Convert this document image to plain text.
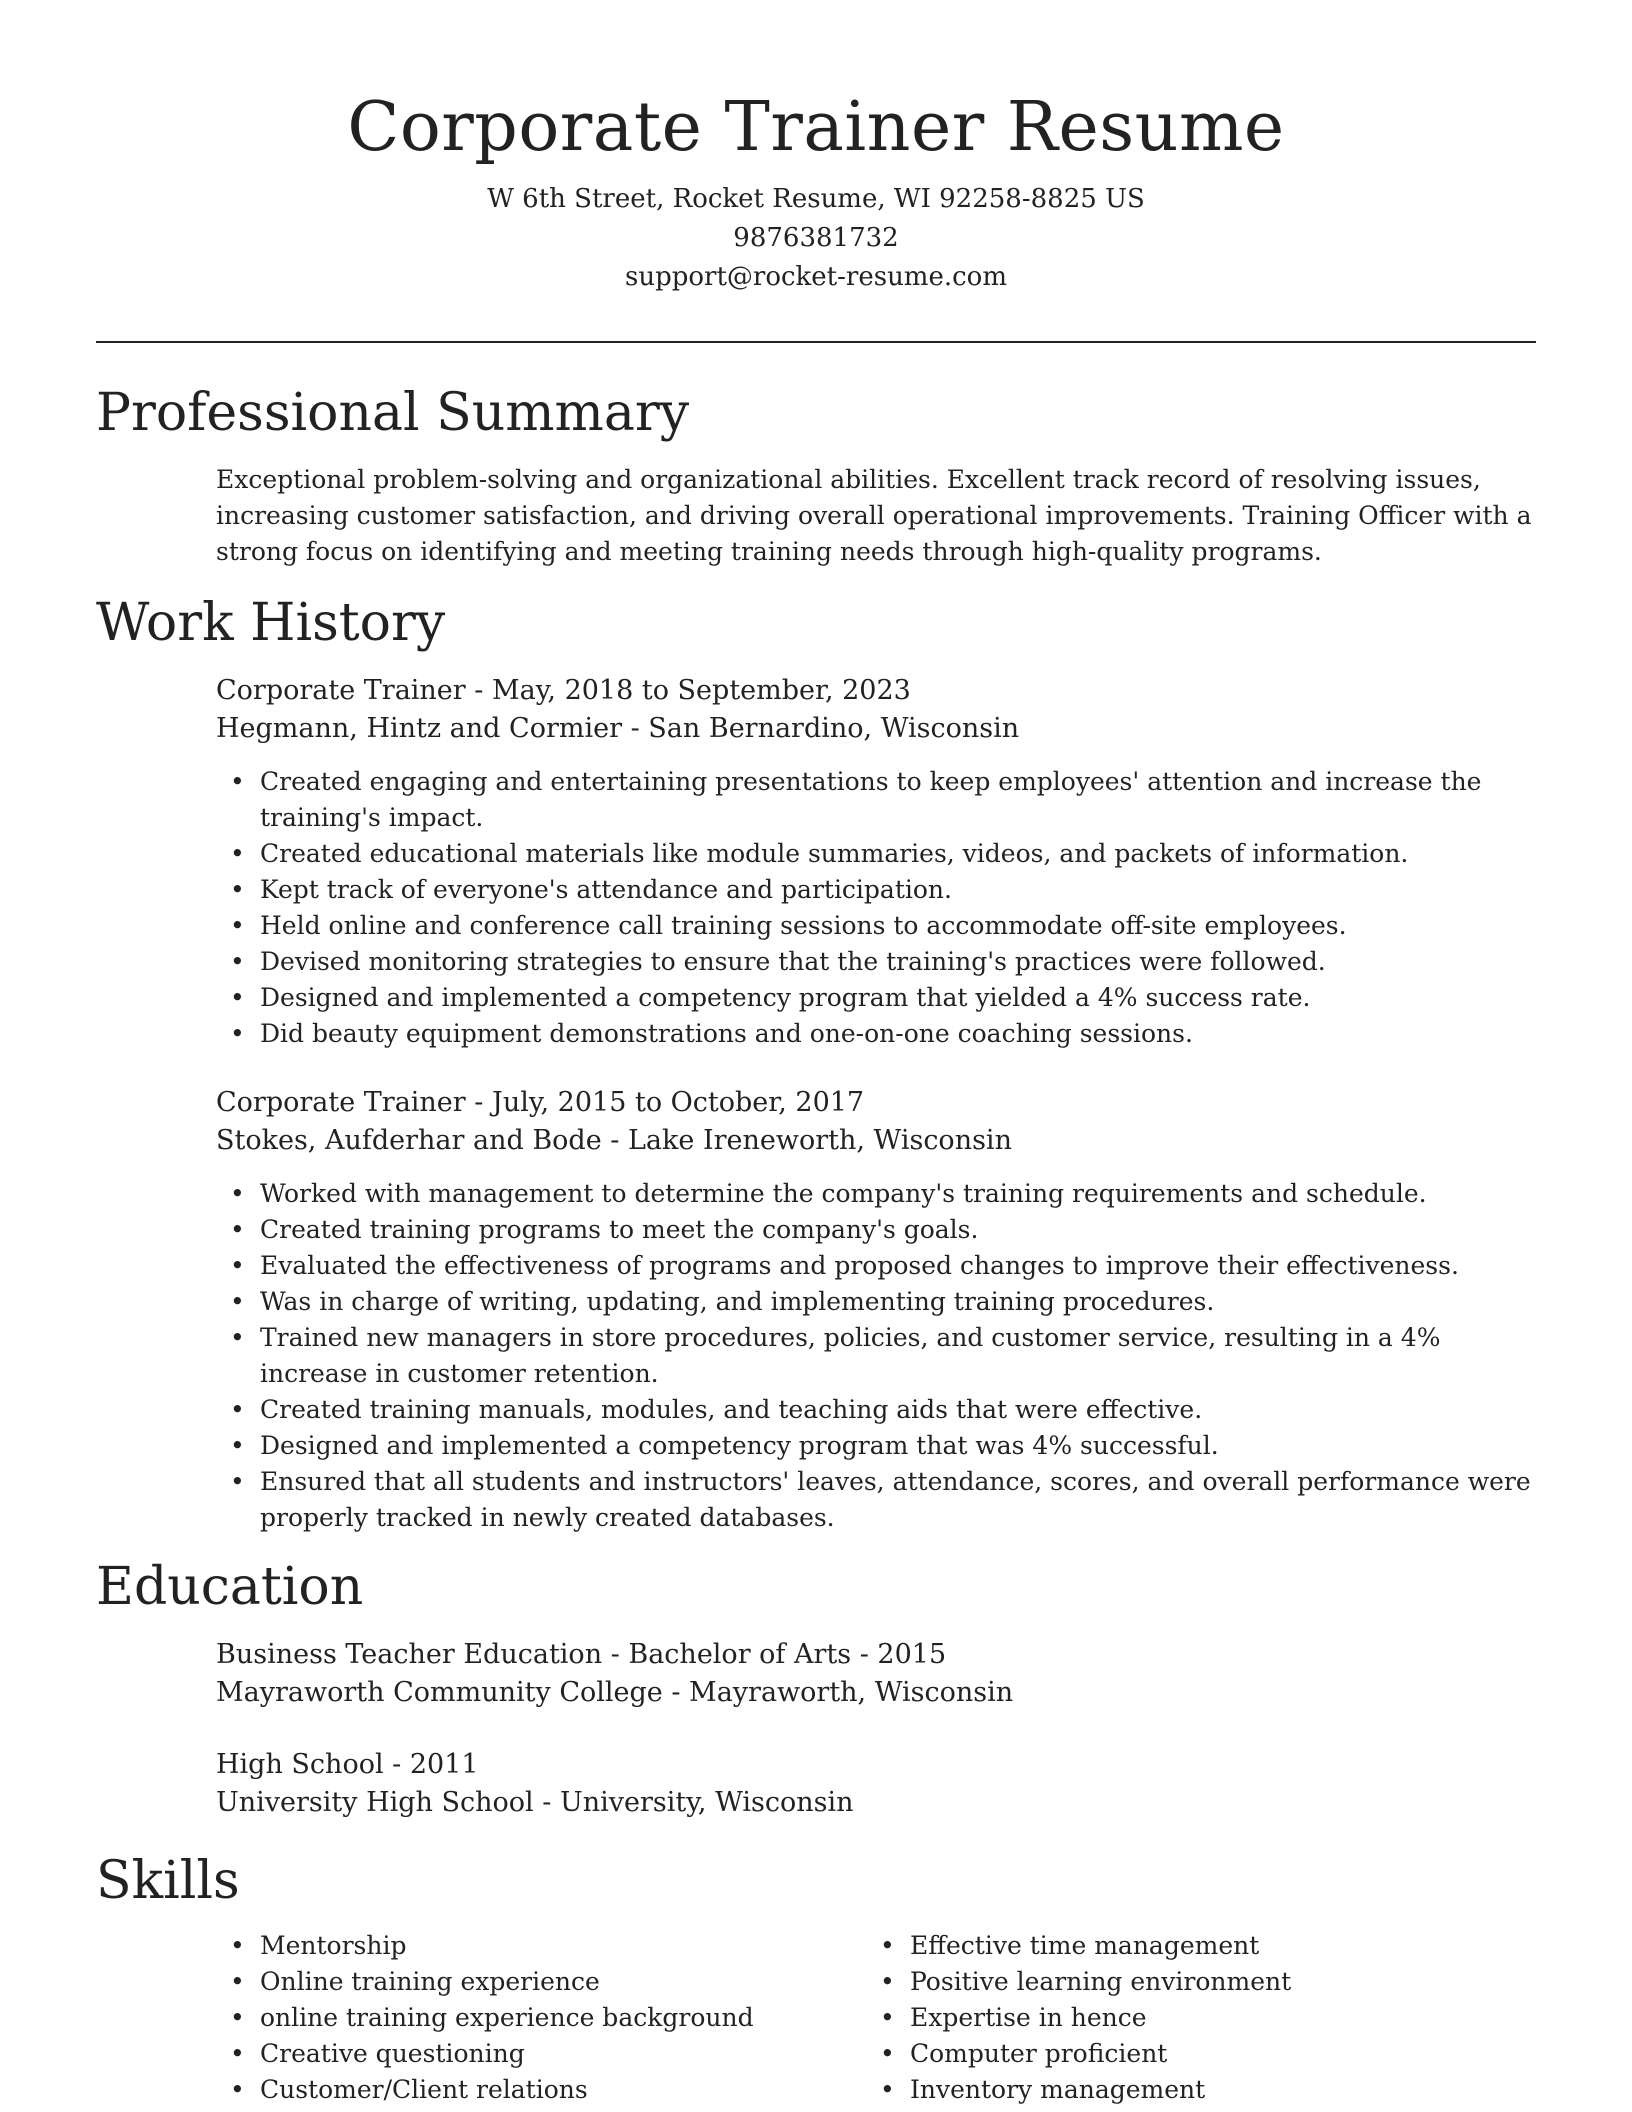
Corporate Trainer Resume
W 6th Street, Rocket Resume, WI 92258-8825 US
9876381732
support@rocket-resume.com
Professional Summary

Exceptional problem-solving and organizational abilities. Excellent track record of resolving issues, increasing customer satisfaction, and driving overall operational improvements. Training Officer with a strong focus on identifying and meeting training needs through high-quality programs.

Work History
Corporate Trainer - May, 2018 to September, 2023
Hegmann, Hintz and Cormier - San Bernardino, Wisconsin
• Created engaging and entertaining presentations to keep employees' attention and increase the training's impact.
• Created educational materials like module summaries, videos, and packets of information.
• Kept track of everyone's attendance and participation.
• Held online and conference call training sessions to accommodate off-site employees.
• Devised monitoring strategies to ensure that the training's practices were followed.
• Designed and implemented a competency program that yielded a 4% success rate.
• Did beauty equipment demonstrations and one-on-one coaching sessions.
Corporate Trainer - July, 2015 to October, 2017
Stokes, Aufderhar and Bode - Lake Ireneworth, Wisconsin
• Worked with management to determine the company's training requirements and schedule.
• Created training programs to meet the company's goals.
• Evaluated the effectiveness of programs and proposed changes to improve their effectiveness.
• Was in charge of writing, updating, and implementing training procedures.
• Trained new managers in store procedures, policies, and customer service, resulting in a 4% increase in customer retention.
• Created training manuals, modules, and teaching aids that were effective.
• Designed and implemented a competency program that was 4% successful.
• Ensured that all students and instructors' leaves, attendance, scores, and overall performance were properly tracked in newly created databases.
Education
Business Teacher Education - Bachelor of Arts - 2015
Mayraworth Community College - Mayraworth, Wisconsin
High School - 2011
University High School - University, Wisconsin
Skills
• Mentorship
• Online training experience
• online training experience background
• Creative questioning
• Customer/Client relations
• Effective time management
• Positive learning environment
• Expertise in hence
• Computer proficient
• Inventory management
